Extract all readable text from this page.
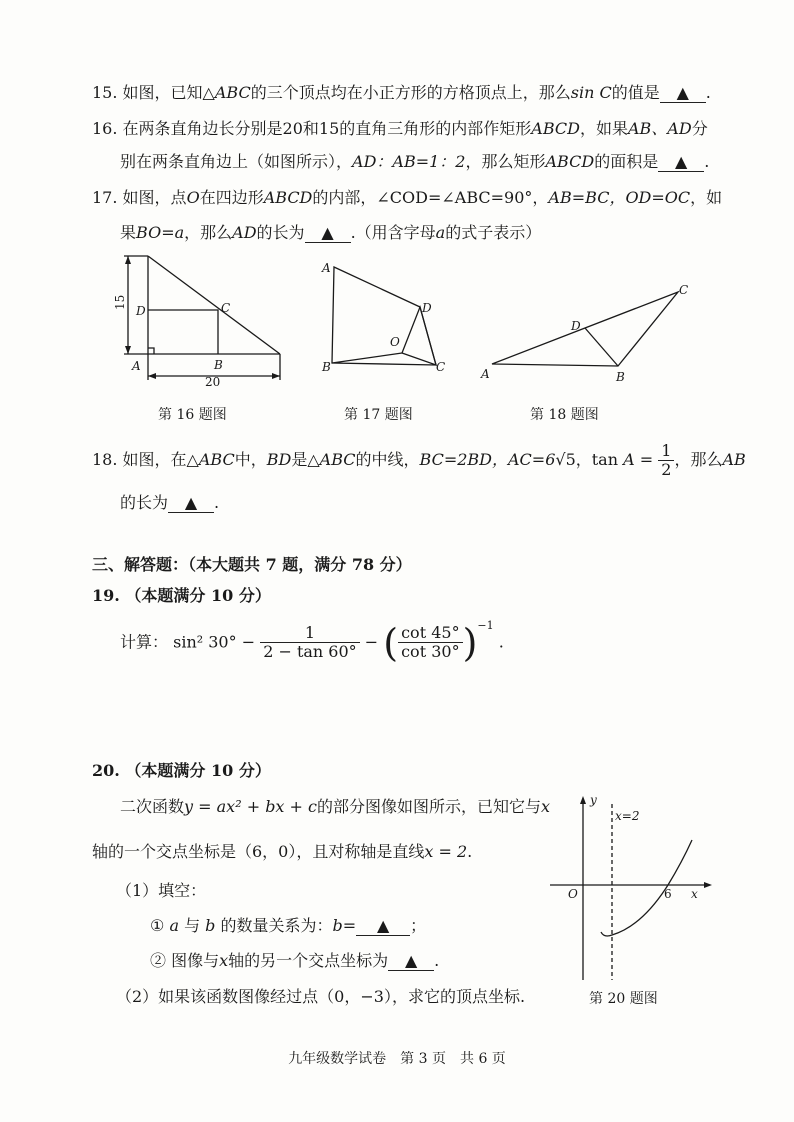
15. 如图，已知△ABC的三个顶点均在小正方形的方格顶点上，那么sin C的值是 ▲ .
16. 在两条直角边长分别是20和15的直角三角形的内部作矩形ABCD，如果AB、AD分
别在两条直角边上（如图所示），AD：AB=1：2，那么矩形ABCD的面积是 ▲ .
17. 如图，点O在四边形ABCD的内部，∠COD=∠ABC=90°，AB=BC，OD=OC，如
果BO=a，那么AD的长为 ▲ .（用含字母a的式子表示）
15
D	C
A	B
20
第 16 题图
A
D
O
B	C
第 17 题图
A
D
C
B
第 18 题图
18. 如图，在△ABC中，BD是△ABC的中线，BC=2BD，AC=6√5，$\tan A = \frac{1}{2}$ ，那么AB
的长为 ▲ .
三、解答题：（本大题共 7 题，满分 78 分）
19. （本题满分 10 分）
计算： sin² $30^\circ - \frac{1}{2 - \tan 60^\circ}$ − ( $\frac{\cot 45^\circ}{\cot 30^\circ} )^{-1}$ .
20. （本题满分 10 分）
二次函数y = ax² + bx + c的部分图像如图所示，已知它与x
轴的一个交点坐标是（6，0），且对称轴是直线x = 2.
（1）填空：
① a 与 b 的数量关系为：b= ▲ ；
② 图像与x轴的另一个交点坐标为 ▲ .
（2）如果该函数图像经过点（0，−3），求它的顶点坐标.
y
x=2
O	6 x
第 20 题图
九年级数学试卷　第 3 页　共 6 页
